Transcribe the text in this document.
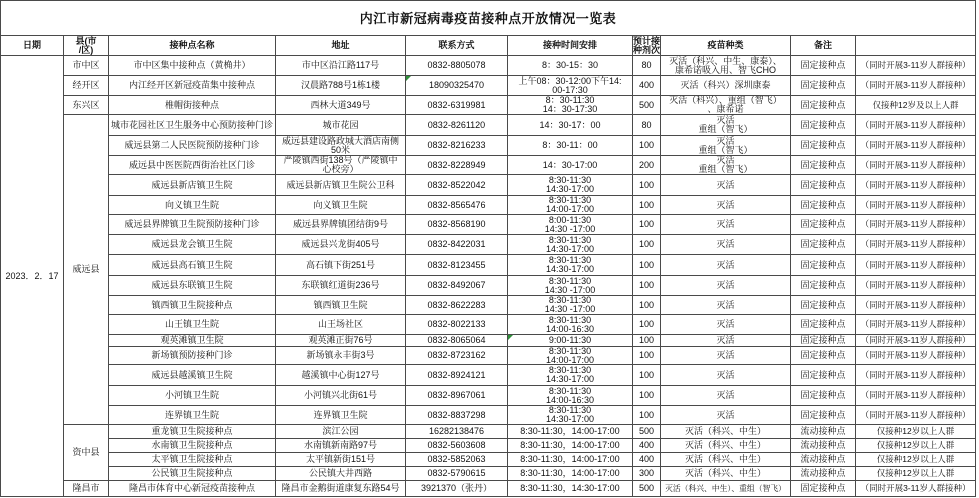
内江市新冠病毒疫苗接种点开放情况一览表									

日期	县(市
/区)	接种点名称	地址	联系方式	接种时间安排	预计接
种剂次	疫苗种类	备注	

2023．2．17	市中区	市中区集中接种点（黄桷井）	市中区沿江路117号	0832-8805078	8：30-15：30	80	灭活（科兴、中生、康泰）、
康希诺吸入用、智飞CHO	固定接种点	（同时开展3-11岁人群接种）

经开区	内江经开区新冠疫苗集中接种点	汉晨路788号1栋1楼	18090325470	上午08：30-12:00下午14:
00-17:30	400	灭活（科兴）深圳康泰	固定接种点	（同时开展3-11岁人群接种）

东兴区	椎帽街接种点	西林大道349号	0832-6319981	8：30-11:30
14：30-17:30	500	灭活（科兴）、重组（智飞）
、康希诺	固定接种点	仅接种12岁及以上人群

威远县	城市花园社区卫生服务中心预防接种门诊	城市花园	0832-8261120	14：30-17：00	80	灭活
重组（智飞）	固定接种点	（同时开展3-11岁人群接种）

威远县第二人民医院预防接种门诊	威远县建设路政城大酒店南侧
50米	0832-8216233	8：30-11：00	100	灭活
重组（智飞）	固定接种点	（同时开展3-11岁人群接种）

威远县中医医院西街治社区门诊	严陵镇西街138号（严陵镇中
心校旁）	0832-8228949	14：30-17:00	200	灭活
重组（智飞）	固定接种点	（同时开展3-11岁人群接种）

威远县新店镇卫生院	威远县新店镇卫生院公卫科	0832-8522042	8:30-11:30
14:30-17:00	100	灭活	固定接种点	（同时开展3-11岁人群接种）

向义镇卫生院	向义镇卫生院	0832-8565476	8:30-11:30
14:00-17:00	100	灭活	固定接种点	（同时开展3-11岁人群接种）

威远县界牌镇卫生院预防接种门诊	威远县界牌镇团结街9号	0832-8568190	8:00-11:30
14:30 -17:00	100	灭活	固定接种点	（同时开展3-11岁人群接种）

威远县龙会镇卫生院	威远县兴龙街405号	0832-8422031	8:30-11:30
14:30-17:00	100	灭活	固定接种点	（同时开展3-11岁人群接种）

威远县高石镇卫生院	高石镇下街251号	0832-8123455	8:30-11:30
14:30-17:00	100	灭活	固定接种点	（同时开展3-11岁人群接种）

威远县东联镇卫生院	东联镇红道街236号	0832-8492067	8:30-11:30
14:30 -17:00	100	灭活	固定接种点	（同时开展3-11岁人群接种）

镇西镇卫生院接种点	镇西镇卫生院	0832-8622283	8:30-11:30
14:30 -17:00	100	灭活	固定接种点	（同时开展3-11岁人群接种）

山王镇卫生院	山王场社区	0832-8022133	8:30-11:30
14:00-16:30	100	灭活	固定接种点	（同时开展3-11岁人群接种）

观英滩镇卫生院	观英滩正街76号	0832-8065064	9:00-11:30	100	灭活	固定接种点	（同时开展3-11岁人群接种）

新场镇预防接种门诊	新场镇永丰街3号	0832-8723162	8:30-11:30
14:00-17:00	100	灭活	固定接种点	（同时开展3-11岁人群接种）

威远县越溪镇卫生院	越溪镇中心街127号	0832-8924121	8:30-11:30
14:30-17:00	100	灭活	固定接种点	（同时开展3-11岁人群接种）

小河镇卫生院	小河镇兴北街61号	0832-8967061	8:30-11:30
14:00-16:30	100	灭活	固定接种点	（同时开展3-11岁人群接种）

连界镇卫生院	连界镇卫生院	0832-8837298	8:30-11:30
14:30-17:00	100	灭活	固定接种点	（同时开展3-11岁人群接种）

资中县	重龙镇卫生院接种点	滨江公园	16282138476	8:30-11:30，14:00-17:00	500	灭活（科兴、中生）	流动接种点	仅接种12岁以上人群

水南镇卫生院接种点	水南镇新南路97号	0832-5603608	8:30-11:30，14:00-17:00	400	灭活（科兴、中生）	流动接种点	仅接种12岁以上人群

太平镇卫生院接种点	太平镇新街151号	0832-5852063	8:30-11:30，14:00-17:00	400	灭活（科兴、中生）	流动接种点	仅接种12岁以上人群

公民镇卫生院接种点	公民镇大井西路	0832-5790615	8:30-11:30，14:00-17:00	300	灭活（科兴、中生）	流动接种点	仅接种12岁以上人群

隆昌市	隆昌市体育中心新冠疫苗接种点	隆昌市金鹅街道康复东路54号	3921370（张丹）	8:30-11:30，14:30-17:00	500	灭活（科兴、中生）、重组（智飞）	固定接种点	（同时开展3-11岁人群接种）
